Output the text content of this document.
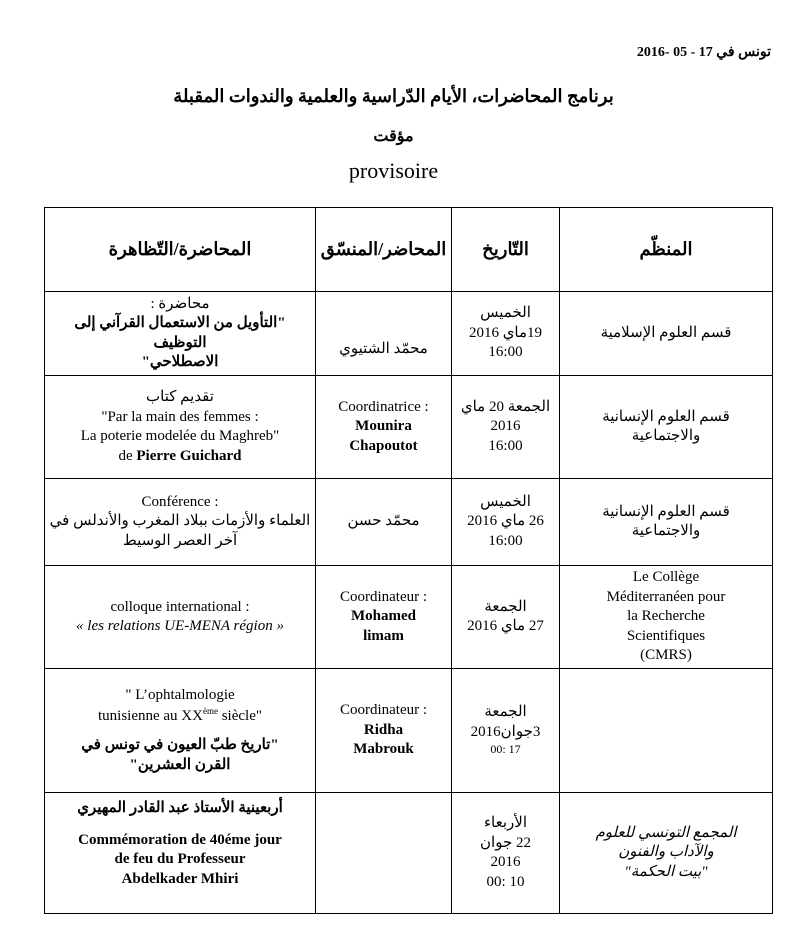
تونس في 17 - 05 -2016
برنامج المحاضرات، الأيام الدّراسية والعلمية والندوات المقبلة
مؤقت
provisoire
المحاضرة/التّظاهرة	المحاضر/المنسّق	التّاريخ	المنظّم

محاضرة :
"التأويل من الاستعمال القرآني إلى التوظيف
الاصطلاحي"	محمّد الشتيوي	الخميس
19ماي 2016
16:00	قسم العلوم الإسلامية

تقديم كتاب
"Par la main des femmes :
La poterie modelée du Maghreb"
de Pierre Guichard	Coordinatrice :
Mounira
Chapoutot	الجمعة 20 ماي
2016
16:00	قسم العلوم الإنسانية
والاجتماعية

Conférence :
العلماء والأزمات ببلاد المغرب والأندلس في
آخر العصر الوسيط	محمّد حسن	الخميس
26 ماي 2016
16:00	قسم العلوم الإنسانية
والاجتماعية

colloque international :
« les relations UE-MENA région »	Coordinateur :
Mohamed
limam	الجمعة
27 ماي 2016	Le Collège
Méditerranéen pour
la Recherche
Scientifiques
(CMRS)

" L’ophtalmologie
tunisienne au XXème siècle"
"تاريخ طبّ العيون في تونس في
القرن العشرين"	Coordinateur :
Ridha
Mabrouk	الجمعة
3جوان2016
17 :00	

أربعينية الأستاذ عبد القادر المهيري
Commémoration de 40éme jour
de feu du Professeur
Abdelkader Mhiri		الأربعاء
22 جوان
2016
10 :00	المجمع التونسي للعلوم
والآداب والفنون
"بيت الحكمة"
